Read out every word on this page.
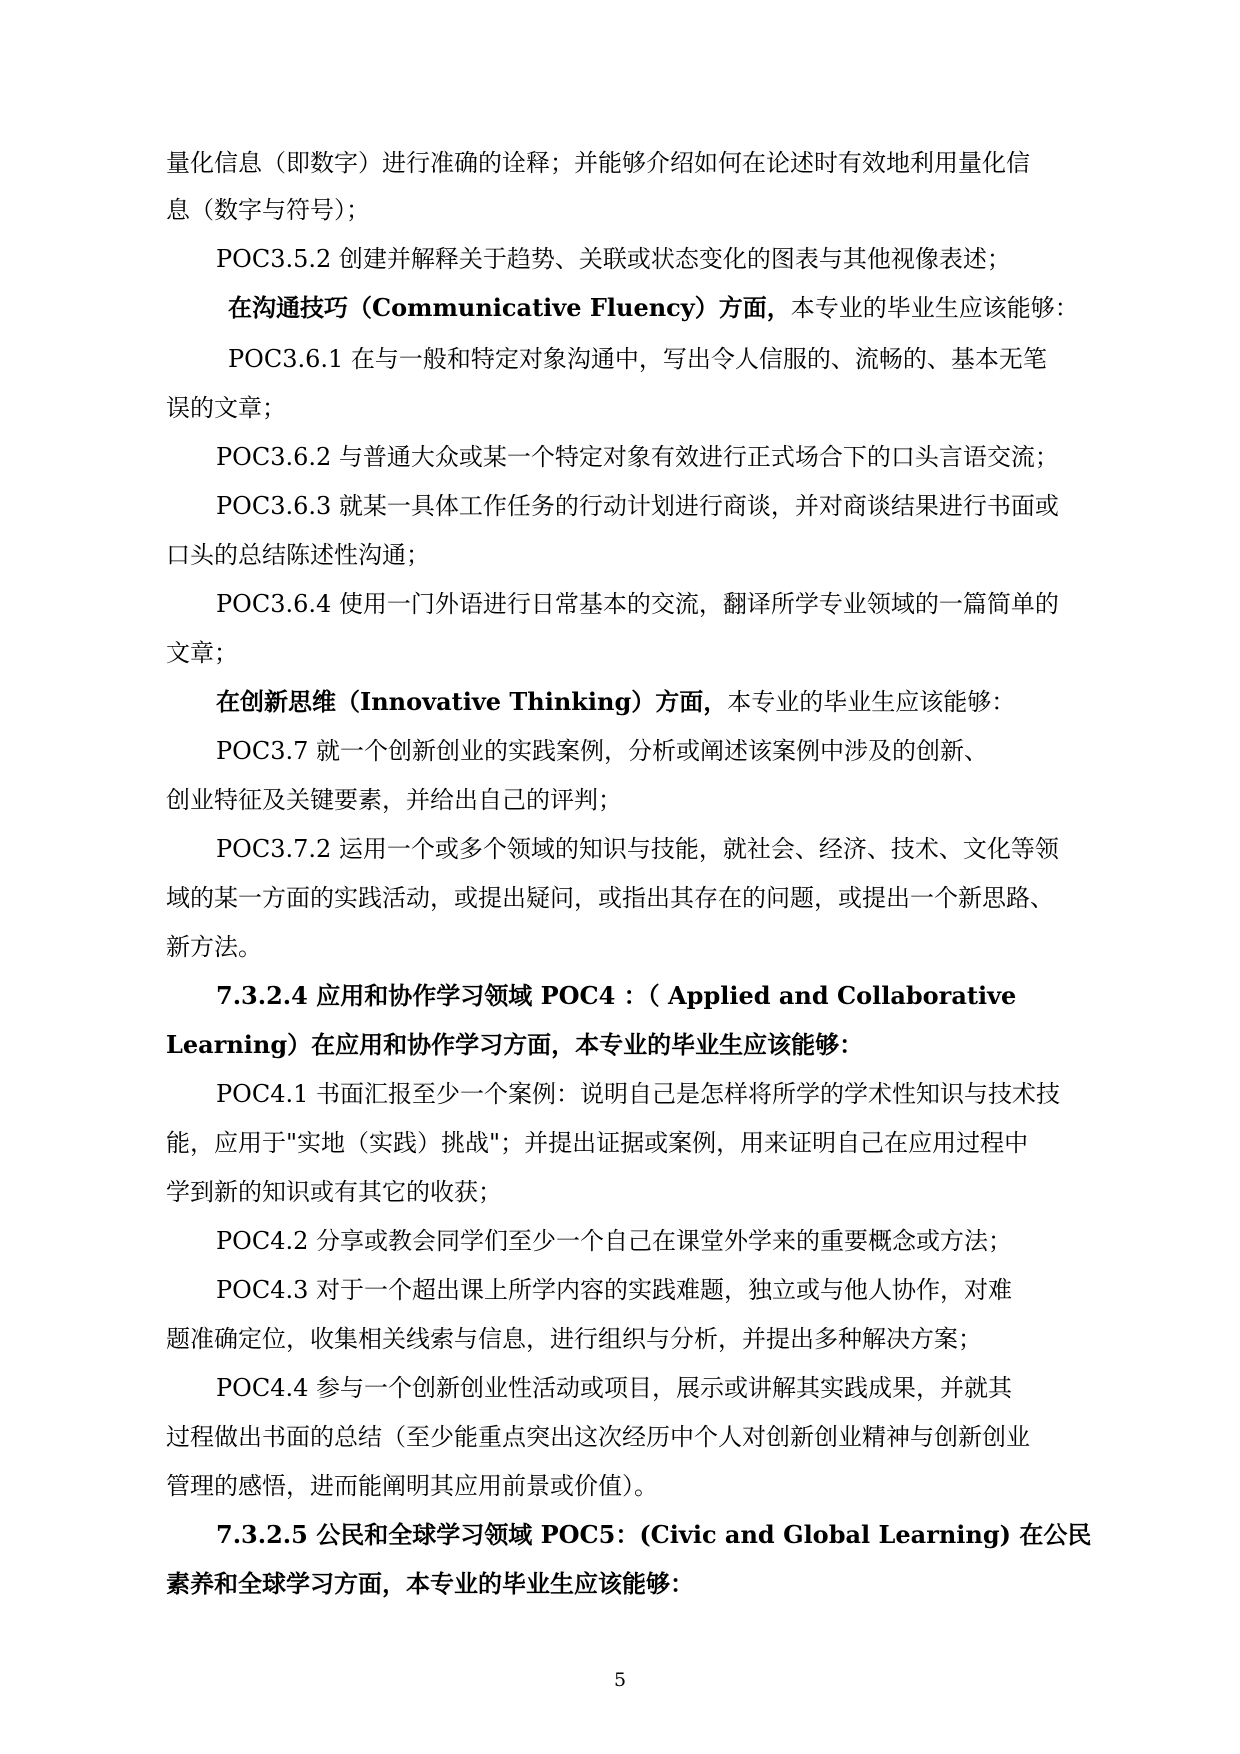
量化信息（即数字）进行准确的诠释；并能够介绍如何在论述时有效地利用量化信
息（数字与符号）；
POC3.5.2 创建并解释关于趋势、关联或状态变化的图表与其他视像表述；
在沟通技巧（Communicative Fluency）方面，本专业的毕业生应该能够：
POC3.6.1 在与一般和特定对象沟通中，写出令人信服的、流畅的、基本无笔
误的文章；
POC3.6.2 与普通大众或某一个特定对象有效进行正式场合下的口头言语交流；
POC3.6.3 就某一具体工作任务的行动计划进行商谈，并对商谈结果进行书面或
口头的总结陈述性沟通；
POC3.6.4 使用一门外语进行日常基本的交流，翻译所学专业领域的一篇简单的
文章；
在创新思维（Innovative Thinking）方面，本专业的毕业生应该能够：
POC3.7 就一个创新创业的实践案例，分析或阐述该案例中涉及的创新、
创业特征及关键要素，并给出自己的评判；
POC3.7.2 运用一个或多个领域的知识与技能，就社会、经济、技术、文化等领
域的某一方面的实践活动，或提出疑问，或指出其存在的问题，或提出一个新思路、
新方法。
7.3.2.4 应用和协作学习领域 POC4 ：（ Applied and Collaborative
Learning）在应用和协作学习方面，本专业的毕业生应该能够：
POC4.1 书面汇报至少一个案例：说明自己是怎样将所学的学术性知识与技术技
能，应用于"实地（实践）挑战"；并提出证据或案例，用来证明自己在应用过程中
学到新的知识或有其它的收获；
POC4.2 分享或教会同学们至少一个自己在课堂外学来的重要概念或方法；
POC4.3 对于一个超出课上所学内容的实践难题，独立或与他人协作，对难
题准确定位，收集相关线索与信息，进行组织与分析，并提出多种解决方案；
POC4.4 参与一个创新创业性活动或项目，展示或讲解其实践成果，并就其
过程做出书面的总结（至少能重点突出这次经历中个人对创新创业精神与创新创业
管理的感悟，进而能阐明其应用前景或价值）。
7.3.2.5 公民和全球学习领域 POC5：(Civic and Global Learning) 在公民
素养和全球学习方面，本专业的毕业生应该能够：
5
